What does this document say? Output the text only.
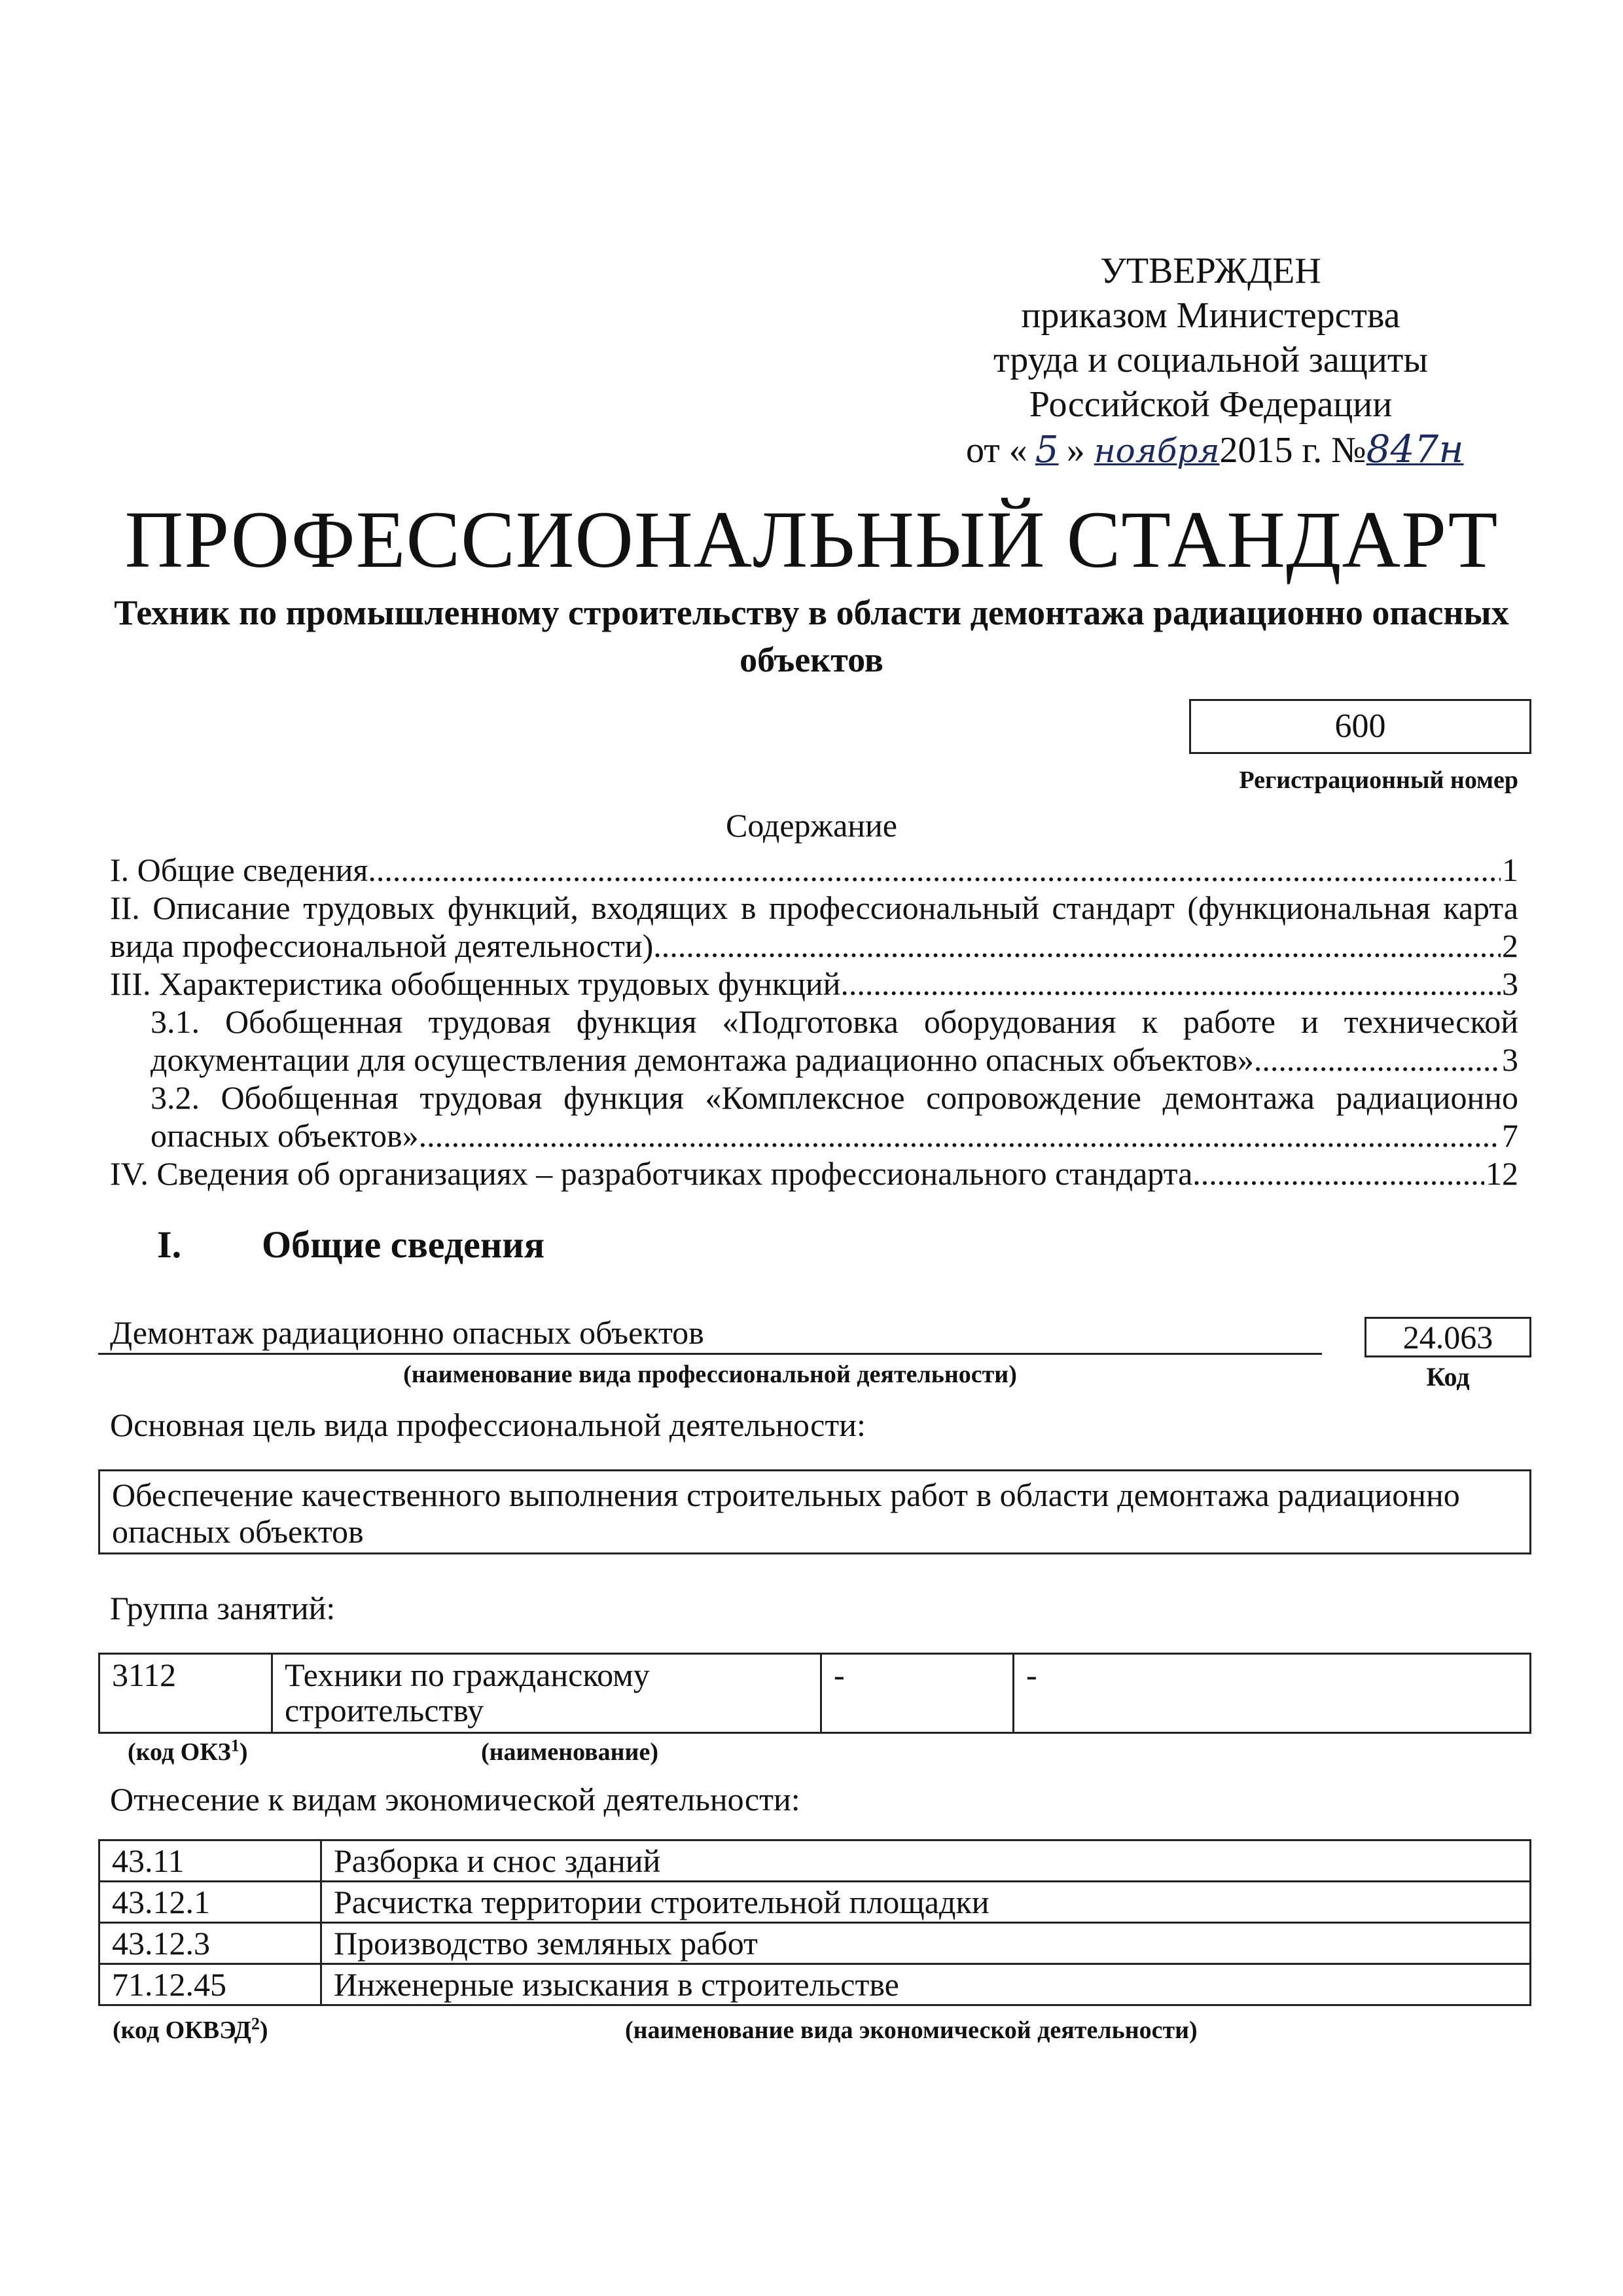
УТВЕРЖДЕН
приказом Министерства
труда и социальной защиты
Российской Федерации
от « 5 » ноября2015 г. №847н
ПРОФЕССИОНАЛЬНЫЙ СТАНДАРТ
Техник по промышленному строительству в области демонтажа радиационно опасных объектов
600
Регистрационный номер
Содержание
I. Общие сведения .....	1
II. Описание трудовых функций, входящих в профессиональный стандарт (функциональная карта
вида профессиональной деятельности) .....	2
III. Характеристика обобщенных трудовых функций .....	3
3.1. Обобщенная трудовая функция «Подготовка оборудования к работе и технической
документации для осуществления демонтажа радиационно опасных объектов» .....	3
3.2. Обобщенная трудовая функция «Комплексное сопровождение демонтажа радиационно
опасных объектов» .....	7
IV. Сведения об организациях – разработчиках профессионального стандарта .....	12
I. Общие сведения
Демонтаж радиационно опасных объектов
(наименование вида профессиональной деятельности)
24.063
Код
Основная цель вида профессиональной деятельности:
Обеспечение качественного выполнения строительных работ в области демонтажа радиационно опасных объектов
Группа занятий:
3112	Техники по гражданскому строительству	-	-
(код ОКЗ$^1$)	(наименование)
Отнесение к видам экономической деятельности:
43.11	Разборка и снос зданий
43.12.1	Расчистка территории строительной площадки
43.12.3	Производство земляных работ
71.12.45	Инженерные изыскания в строительстве
(код ОКВЭД$^2$)	(наименование вида экономической деятельности)
